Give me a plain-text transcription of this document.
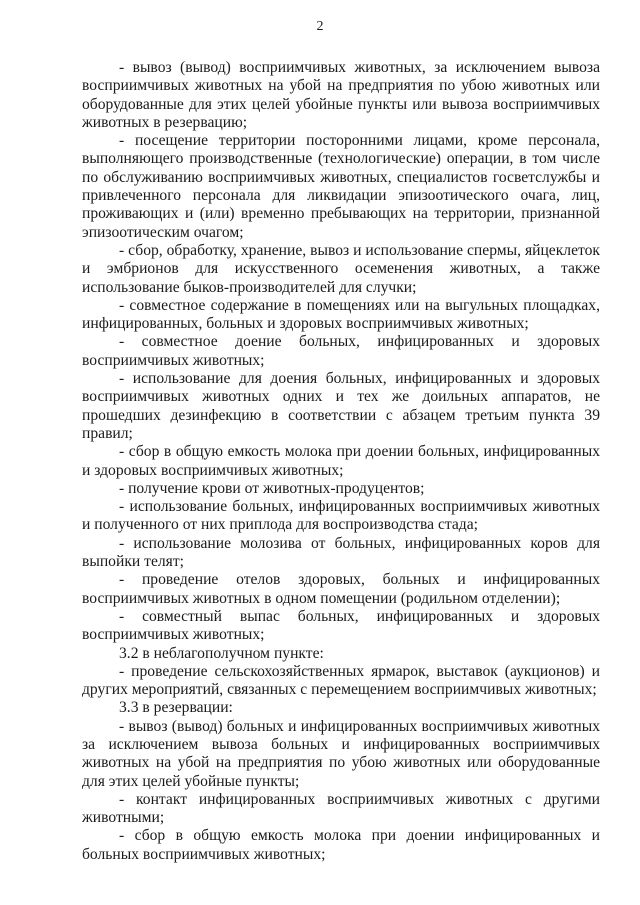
2

- вывоз (вывод) восприимчивых животных, за исключением вывоза восприимчивых животных на убой на предприятия по убою животных или оборудованные для этих целей убойные пункты или вывоза восприимчивых животных в резервацию;

- посещение территории посторонними лицами, кроме персонала, выполняющего производственные (технологические) операции, в том числе по обслуживанию восприимчивых животных, специалистов госветслужбы и привлеченного персонала для ликвидации эпизоотического очага, лиц, проживающих и (или) временно пребывающих на территории, признанной эпизоотическим очагом;

- сбор, обработку, хранение, вывоз и использование спермы, яйцеклеток и эмбрионов для искусственного осеменения животных, а также использование быков-производителей для случки;

- совместное содержание в помещениях или на выгульных площадках, инфицированных, больных и здоровых восприимчивых животных;

- совместное доение больных, инфицированных и здоровых восприимчивых животных;

- использование для доения больных, инфицированных и здоровых восприимчивых животных одних и тех же доильных аппаратов, не прошедших дезинфекцию в соответствии с абзацем третьим пункта 39 правил;

- сбор в общую емкость молока при доении больных, инфицированных и здоровых восприимчивых животных;

- получение крови от животных-продуцентов;

- использование больных, инфицированных восприимчивых животных и полученного от них приплода для воспроизводства стада;

- использование молозива от больных, инфицированных коров для выпойки телят;

- проведение отелов здоровых, больных и инфицированных восприимчивых животных в одном помещении (родильном отделении);

- совместный выпас больных, инфицированных и здоровых восприимчивых животных;

3.2 в неблагополучном пункте:

- проведение сельскохозяйственных ярмарок, выставок (аукционов) и других мероприятий, связанных с перемещением восприимчивых животных;

3.3 в резервации:

- вывоз (вывод) больных и инфицированных восприимчивых животных за исключением вывоза больных и инфицированных восприимчивых животных на убой на предприятия по убою животных или оборудованные для этих целей убойные пункты;

- контакт инфицированных восприимчивых животных с другими животными;

- сбор в общую емкость молока при доении инфицированных и больных восприимчивых животных;
